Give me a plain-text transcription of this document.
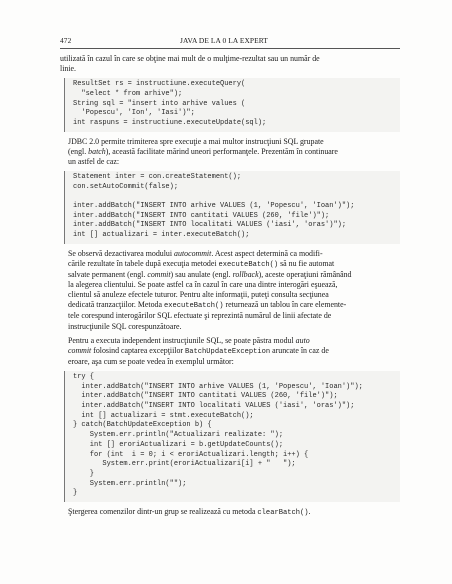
472	JAVA DE LA 0 LA EXPERT
utilizată în cazul în care se obţine mai mult de o mulţime-rezultat sau un număr de
linie.
ResultSet rs = instructiune.executeQuery(
"select * from arhive");
String sql = "insert into arhive values (
'Popescu', 'Ion', 'Iasi')";
int raspuns = instructiune.executeUpdate(sql);
JDBC 2.0 permite trimiterea spre execuţie a mai multor instrucţiuni SQL grupate
(engl. batch), această facilitate mărind uneori performanţele. Prezentăm în continuare
un astfel de caz:
Statement inter = con.createStatement();
con.setAutoCommit(false);
inter.addBatch("INSERT INTO arhive VALUES (1, 'Popescu', 'Ioan')");
inter.addBatch("INSERT INTO cantitati VALUES (260, 'file')");
inter.addBatch("INSERT INTO localitati VALUES ('iasi', 'oras')");
int [] actualizari = inter.executeBatch();
Se observă dezactivarea modului autocommit. Acest aspect determină ca modifi-
cările rezultate în tabele după execuţia metodei executeBatch() să nu fie automat
salvate permanent (engl. commit) sau anulate (engl. rollback), aceste operaţiuni rămânând
la alegerea clientului. Se poate astfel ca în cazul în care una dintre interogări eşuează,
clientul să anuleze efectele tuturor. Pentru alte informaţii, puteţi consulta secţiunea
dedicată tranzacţiilor. Metoda executeBatch() returnează un tablou în care elemente-
tele corespund interogărilor SQL efectuate şi reprezintă numărul de linii afectate de
instrucţiunile SQL corespunzătoare.
Pentru a executa independent instrucţiunile SQL, se poate păstra modul auto
commit folosind captarea excepţiilor BatchUpdateException aruncate în caz de
eroare, aşa cum se poate vedea în exemplul următor:
try {
inter.addBatch("INSERT INTO arhive VALUES (1, 'Popescu', 'Ioan')");
inter.addBatch("INSERT INTO cantitati VALUES (260, 'file')");
inter.addBatch("INSERT INTO localitati VALUES ('iasi', 'oras')");
int [] actualizari = stmt.executeBatch();
} catch(BatchUpdateException b) {
System.err.println("Actualizari realizate: ");
int [] eroriActualizari = b.getUpdateCounts();
for (int  i = 0; i < eroriActualizari.length; i++) {
System.err.print(eroriActualizari[i] + "   ");
}
System.err.println("");
}
Ştergerea comenzilor dintr-un grup se realizează cu metoda clearBatch().
